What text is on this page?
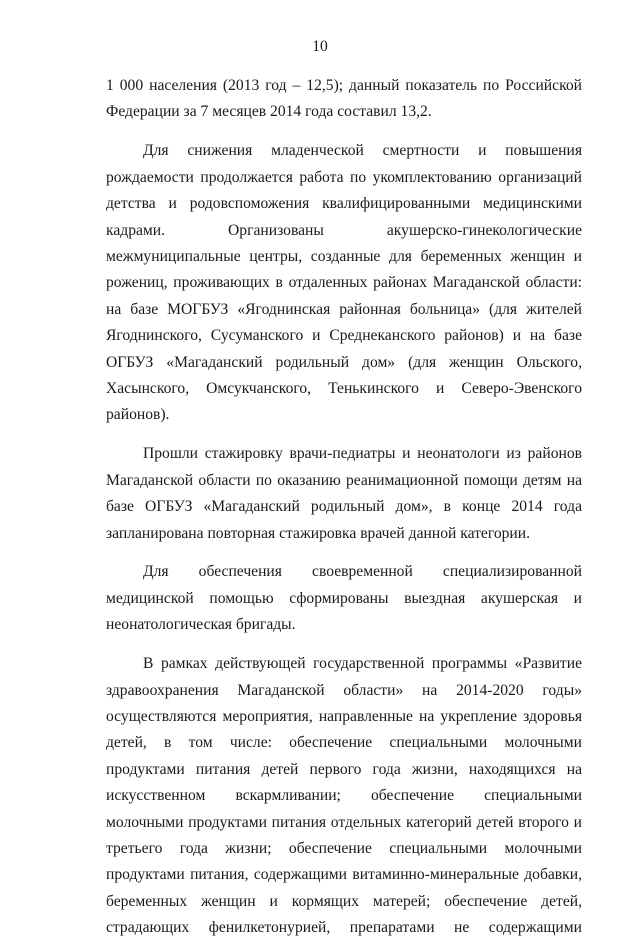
10

1 000 населения (2013 год – 12,5); данный показатель по Российской Федерации за 7 месяцев 2014 года составил 13,2.

Для снижения младенческой смертности и повышения рождаемости продолжается работа по укомплектованию организаций детства и родовспоможения квалифицированными медицинскими кадрами. Организованы акушерско-гинекологические межмуниципальные центры, созданные для беременных женщин и рожениц, проживающих в отдаленных районах Магаданской области: на базе МОГБУЗ «Ягоднинская районная больница» (для жителей Ягоднинского, Сусуманского и Среднеканского районов) и на базе ОГБУЗ «Магаданский родильный дом» (для женщин Ольского, Хасынского, Омсукчанского, Тенькинского и Северо-Эвенского районов).

Прошли стажировку врачи-педиатры и неонатологи из районов Магаданской области по оказанию реанимационной помощи детям на базе ОГБУЗ «Магаданский родильный дом», в конце 2014 года запланирована повторная стажировка врачей данной категории.

Для обеспечения своевременной специализированной медицинской помощью сформированы выездная акушерская и неонатологическая бригады.

В рамках действующей государственной программы «Развитие здравоохранения Магаданской области» на 2014-2020 годы» осуществляются мероприятия, направленные на укрепление здоровья детей, в том числе: обеспечение специальными молочными продуктами питания детей первого года жизни, находящихся на искусственном вскармливании; обеспечение специальными молочными продуктами питания отдельных категорий детей второго и третьего года жизни; обеспечение специальными молочными продуктами питания, содержащими витаминно-минеральные добавки, беременных женщин и кормящих матерей; обеспечение детей, страдающих фенилкетонурией, препаратами не содержащими
